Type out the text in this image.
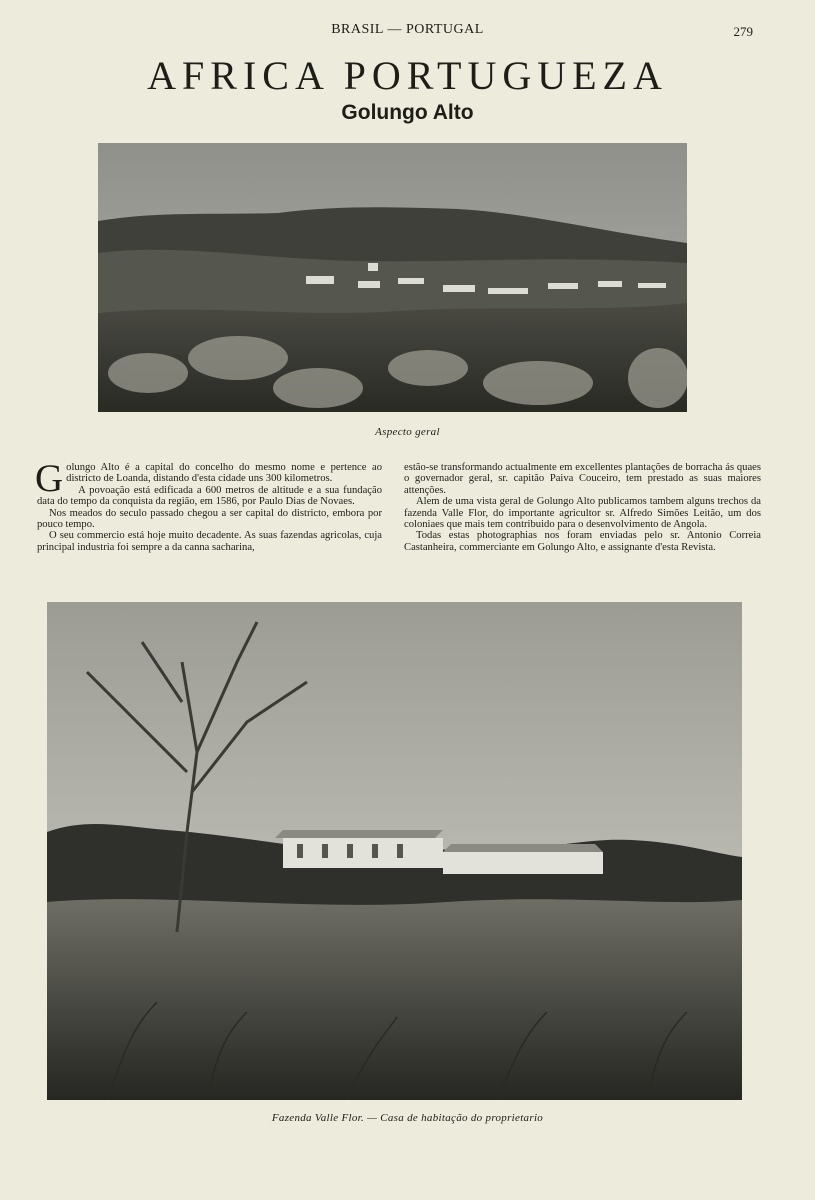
BRASIL — PORTUGAL	279
AFRICA PORTUGUEZA
Golungo Alto
Aspecto geral

Golungo Alto é a capital do concelho do mesmo nome e pertence ao districto de Loanda, distando d'esta cidade uns 300 kilometros.

A povoação está edificada a 600 metros de altitude e a sua fundação data do tempo da conquista da região, em 1586, por Paulo Dias de Novaes.

Nos meados do seculo passado chegou a ser capital do districto, embora por pouco tempo.

O seu commercio está hoje muito decadente. As suas fazendas agricolas, cuja principal industria foi sempre a da canna sacharina,

estão-se transformando actualmente em excellentes plantações de borracha ás quaes o governador geral, sr. capitão Paiva Couceiro, tem prestado as suas maiores attenções.

Alem de uma vista geral de Golungo Alto publicamos tambem alguns trechos da fazenda Valle Flor, do importante agricultor sr. Alfredo Simões Leitão, um dos coloniaes que mais tem contribuido para o desenvolvimento de Angola.

Todas estas photographias nos foram enviadas pelo sr. Antonio Correia Castanheira, commerciante em Golungo Alto, e assignante d'esta Revista.

Fazenda Valle Flor. — Casa de habitação do proprietario
